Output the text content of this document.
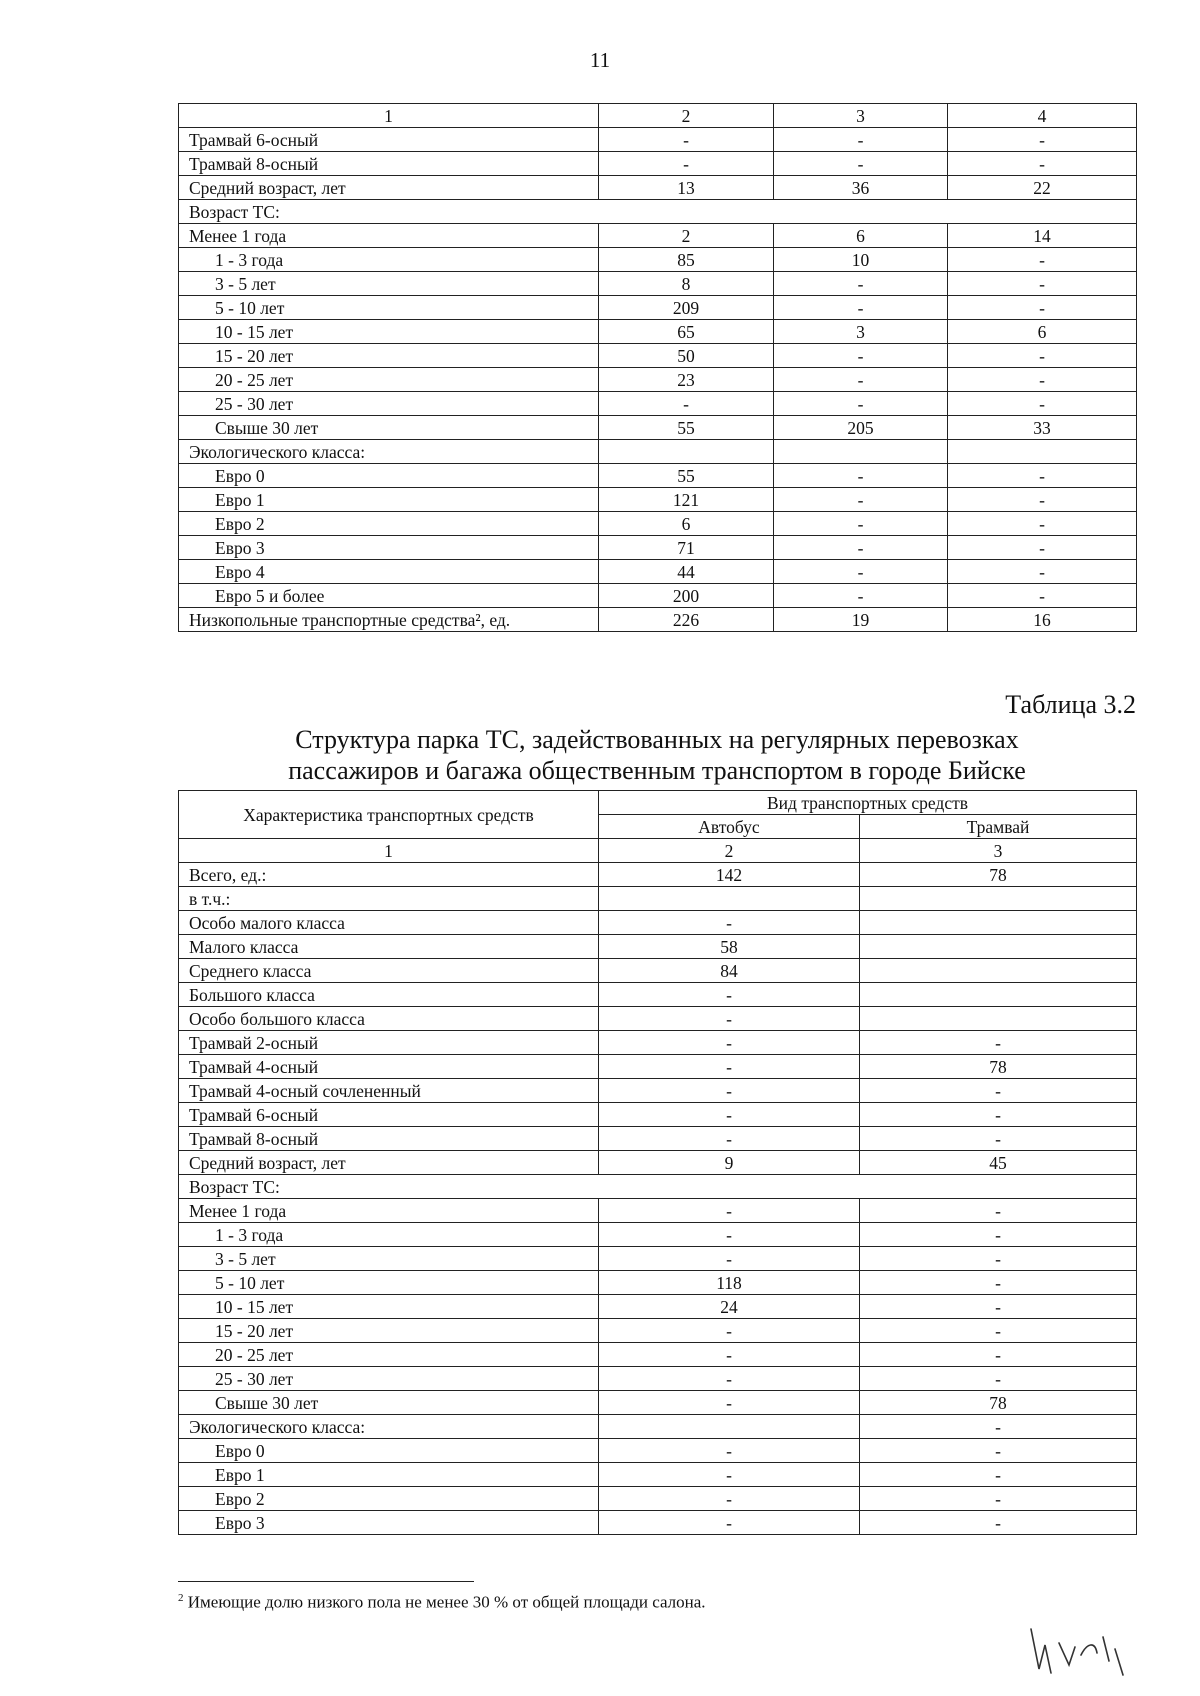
11
1	2	3	4
Трамвай 6-осный	-	-	-
Трамвай 8-осный	-	-	-
Средний возраст, лет	13	36	22
Возраст ТС:			
Менее 1 года	2	6	14
1 - 3 года	85	10	-
3 - 5 лет	8	-	-
5 - 10 лет	209	-	-
10 - 15 лет	65	3	6
15 - 20 лет	50	-	-
20 - 25 лет	23	-	-
25 - 30 лет	-	-	-
Свыше 30 лет	55	205	33
Экологического класса:			
Евро 0	55	-	-
Евро 1	121	-	-
Евро 2	6	-	-
Евро 3	71	-	-
Евро 4	44	-	-
Евро 5 и более	200	-	-
Низкопольные транспортные средства², ед.	226	19	16
Таблица 3.2
Структура парка ТС, задействованных на регулярных перевозках
пассажиров и багажа общественным транспортом в городе Бийске
Характеристика транспортных средств	Вид транспортных средств	
	Автобус	Трамвай
1	2	3
Всего, ед.:	142	78
в т.ч.:		
Особо малого класса	-	
Малого класса	58	
Среднего класса	84	
Большого класса	-	
Особо большого класса	-	
Трамвай 2-осный	-	-
Трамвай 4-осный	-	78
Трамвай 4-осный сочлененный	-	-
Трамвай 6-осный	-	-
Трамвай 8-осный	-	-
Средний возраст, лет	9	45
Возраст ТС:		
Менее 1 года	-	-
1 - 3 года	-	-
3 - 5 лет	-	-
5 - 10 лет	118	-
10 - 15 лет	24	-
15 - 20 лет	-	-
20 - 25 лет	-	-
25 - 30 лет	-	-
Свыше 30 лет	-	78
Экологического класса:		-
Евро 0	-	-
Евро 1	-	-
Евро 2	-	-
Евро 3	-	-
$^2$ Имеющие долю низкого пола не менее 30 % от общей площади салона.
